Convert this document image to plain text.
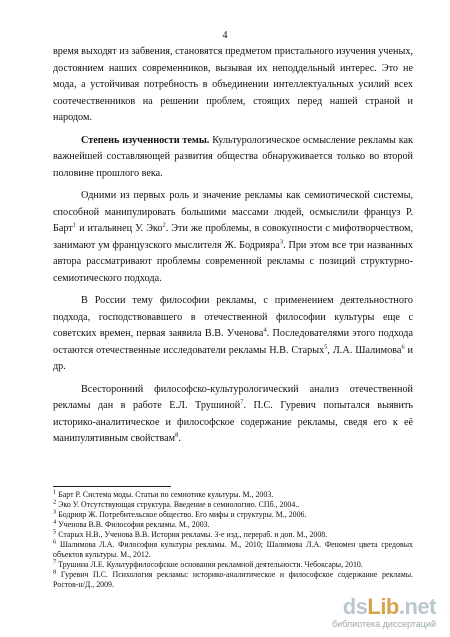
4

время выходят из забвения, становятся предметом пристального изучения ученых, достоянием наших современников, вызывая их неподдельный интерес. Это не мода, а устойчивая потребность в объединении интеллектуальных усилий всех соотечественников на решении проблем, стоящих перед нашей страной и народом.

Степень изученности темы. Культурологическое осмысление рекламы как важнейшей составляющей развития общества обнаруживается только во второй половине прошлого века.

Одними из первых роль и значение рекламы как семиотической системы, способной манипулировать большими массами людей, осмыслили француз Р. Барт$^1$ и итальянец У. Эко$^2$. Эти же проблемы, в совокупности с мифотворчеством, занимают ум французского мыслителя Ж. Бодрияра$^3$. При этом все три названных автора рассматривают проблемы современной рекламы с позиций структурно-семиотического подхода.

В России тему философии рекламы, с применением деятельностного подхода, господствовавшего в отечественной философии культуры еще с советских времен, первая заявила В.В. Ученова$^4$. Последователями этого подхода остаются отечественные исследователи рекламы Н.В. Старых$^5$, Л.А. Шалимова$^6$ и др.

Всесторонний философско-культурологический анализ отечественной рекламы дан в работе Е.Л. Трушиной$^7$. П.С. Гуревич попытался выявить историко-аналитическое и философское содержание рекламы, сведя его к её манипулятивным свойствам$^8$.

$^1$ Барт Р. Система моды. Статьи по семиотике культуры. М., 2003.
$^2$ Эко У. Отсутствующая структура. Введение в семиологию. СПб., 2004..
$^3$ Бодрияр Ж. Потребительское общество. Его мифы и структуры. М., 2006.
$^4$ Ученова В.В. Философия рекламы. М., 2003.
$^5$ Старых Н.В., Ученова В.В. История рекламы. 3-е изд., перераб. и доп. М., 2008.
$^6$ Шалимова Л.А. Философия культуры рекламы. М., 2010; Шалимова Л.А. Феномен цвета средовых объектов культуры. М., 2012.
$^7$ Трушина Л.Е. Культурфилософские основания рекламной деятельности. Чебоксары, 2010.
$^8$ Гуревич П.С. Психология рекламы: историко-аналитическое и философское содержание рекламы. Ростов-н/Д., 2009.
dsLib.net
библиотека диссертаций
